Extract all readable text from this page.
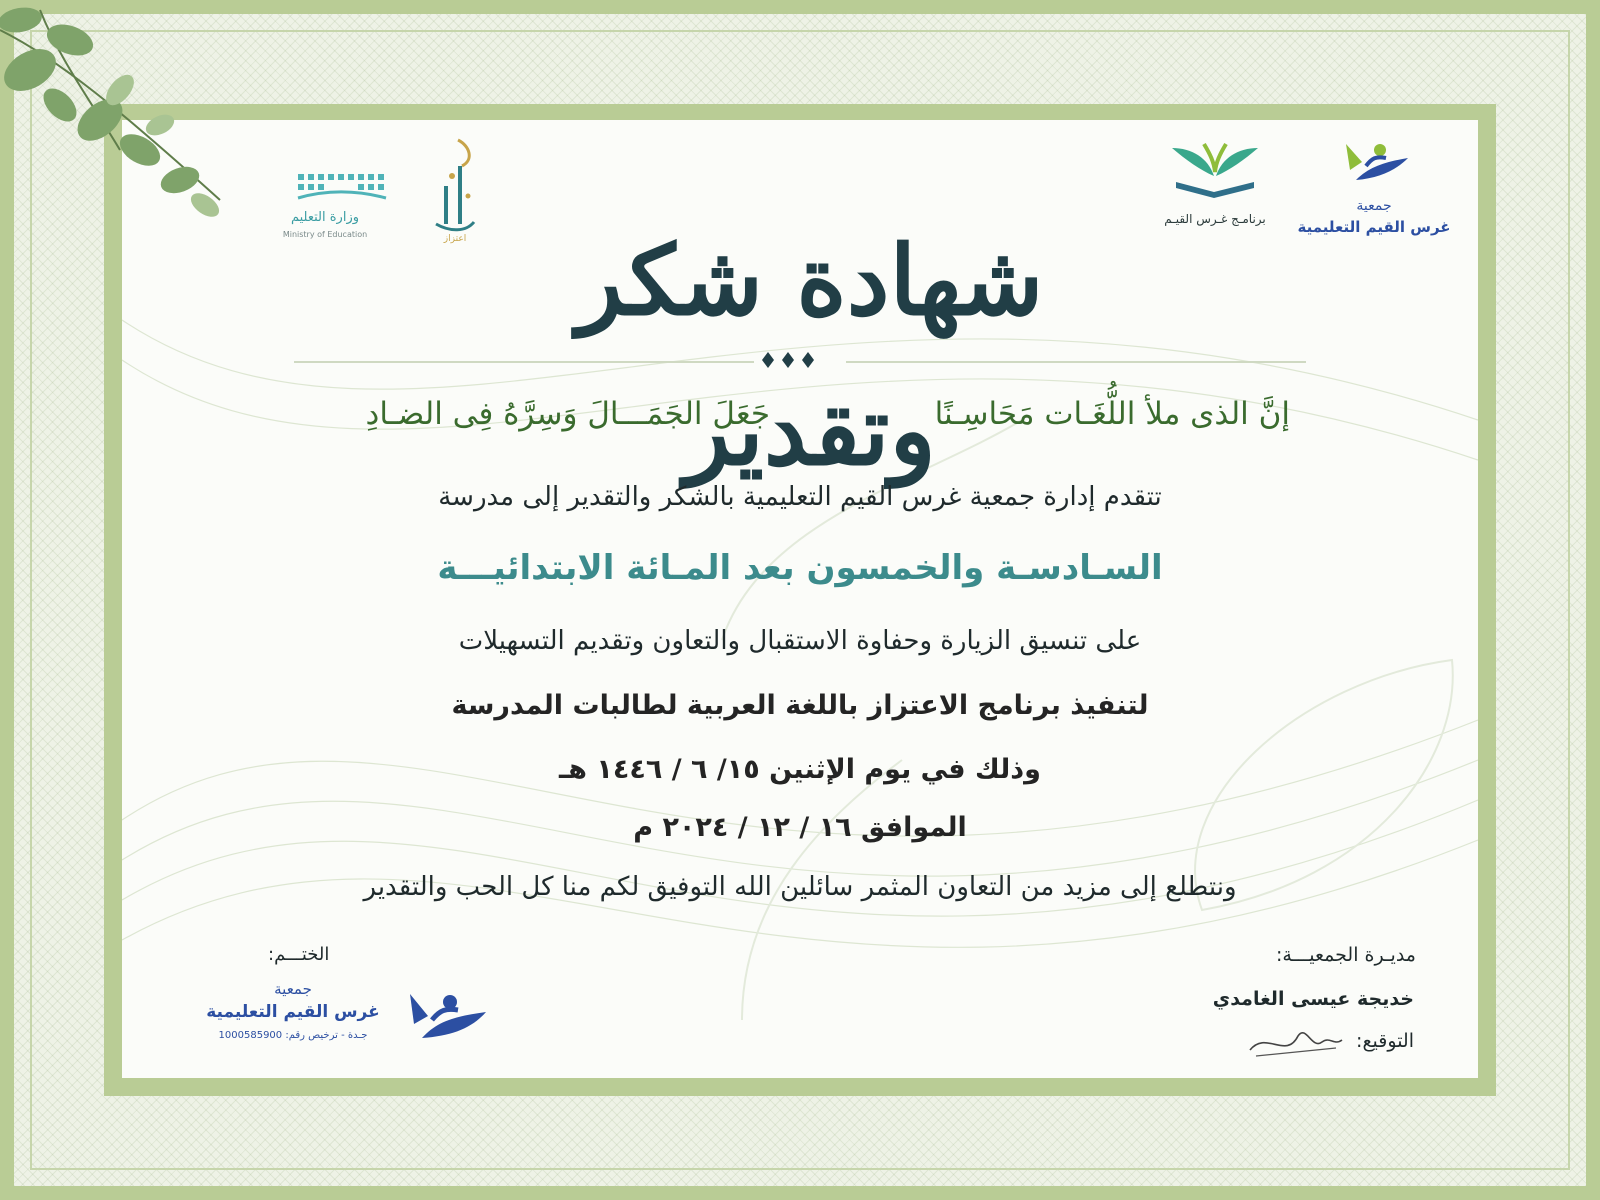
وزارة التعليم
Ministry of Education	اعتزاز
برنامـج غـرس القيـم
جمعية
غرس القيم التعليمية
شهادة شكر وتقدير
إنَّ الذى ملأ اللُّغَـات مَحَاسِـنًا
جَعَلَ الجَمَـــالَ وَسِرَّهُ فِى الضـادِ
تتقدم إدارة جمعية غرس القيم التعليمية بالشكر والتقدير إلى مدرسة
السـادسـة والخمسون بعد المـائة الابتدائيـــة
على تنسيق الزيارة وحفاوة الاستقبال والتعاون وتقديم التسهيلات
لتنفيذ برنامج الاعتزاز باللغة العربية لطالبات المدرسة
وذلك في يوم الإثنين ١٥/ ٦ / ١٤٤٦ هـ
الموافق ١٦ / ١٢ / ٢٠٢٤ م
ونتطلع إلى مزيد من التعاون المثمر سائلين الله التوفيق لكم منا كل الحب والتقدير
مديـرة الجمعيـــة:
خديجة عيسى الغامدي
التوقيع:
الختـــم:
جمعية
غرس القيم التعليمية
جـدة - ترخيص رقم: 1000585900
